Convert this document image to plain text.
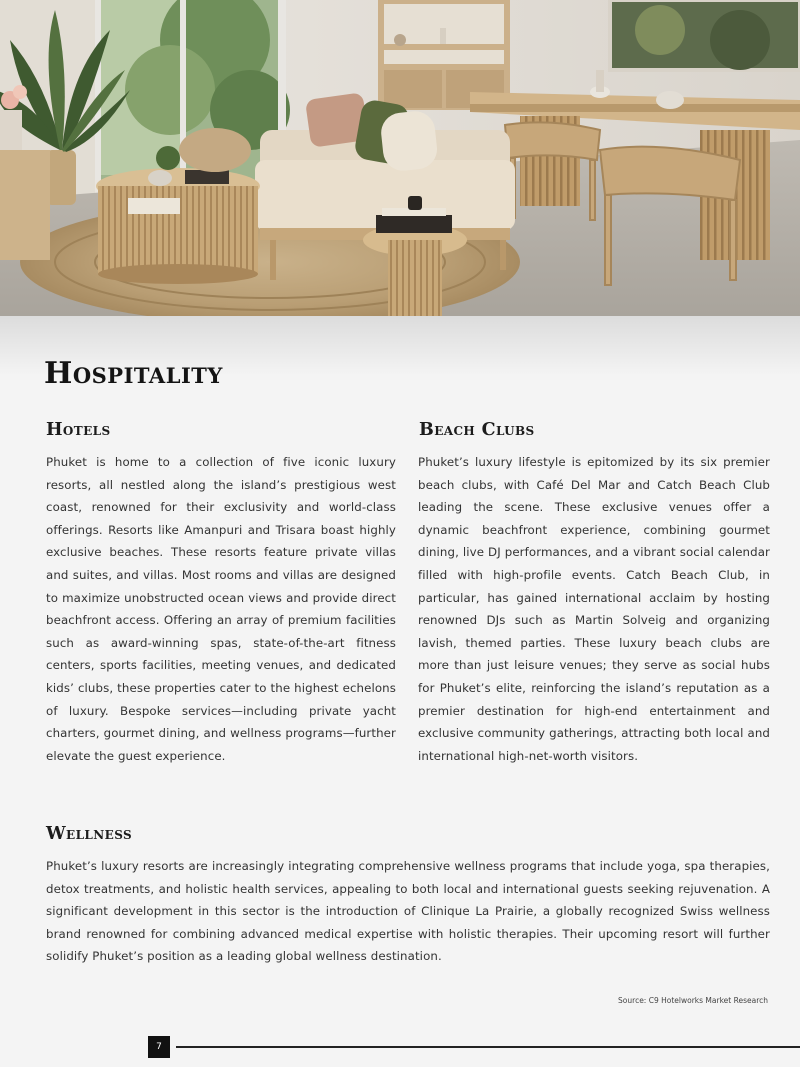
Hospitality
Hotels

Phuket is home to a collection of five iconic luxury resorts, all nestled along the island’s prestigious west coast, renowned for their exclusivity and world-class offerings. Resorts like Amanpuri and Trisara boast highly exclusive beaches. These resorts feature private villas and suites, and villas. Most rooms and villas are designed to maximize unobstructed ocean views and provide direct beachfront access. Offering an array of premium facilities such as award-winning spas, state-of-the-art fitness centers, sports facilities, meeting venues, and dedicated kids’ clubs, these properties cater to the highest echelons of luxury. Bespoke services—including private yacht charters, gourmet dining, and wellness programs—further elevate the guest experience.

Beach Clubs

Phuket’s luxury lifestyle is epitomized by its six premier beach clubs, with Café Del Mar and Catch Beach Club leading the scene. These exclusive venues offer a dynamic beachfront experience, combining gourmet dining, live DJ performances, and a vibrant social calendar filled with high-profile events. Catch Beach Club, in particular, has gained international acclaim by hosting renowned DJs such as Martin Solveig and organizing lavish, themed parties. These luxury beach clubs are more than just leisure venues; they serve as social hubs for Phuket’s elite, reinforcing the island’s reputation as a premier destination for high-end entertainment and exclusive community gatherings, attracting both local and international high-net-worth visitors.

Wellness

Phuket’s luxury resorts are increasingly integrating comprehensive wellness programs that include yoga, spa therapies, detox treatments, and holistic health services, appealing to both local and international guests seeking rejuvenation. A significant development in this sector is the introduction of Clinique La Prairie, a globally recognized Swiss wellness brand renowned for combining advanced medical expertise with holistic therapies. Their upcoming resort will further solidify Phuket’s position as a leading global wellness destination.

Source: C9 Hotelworks Market Research

7
